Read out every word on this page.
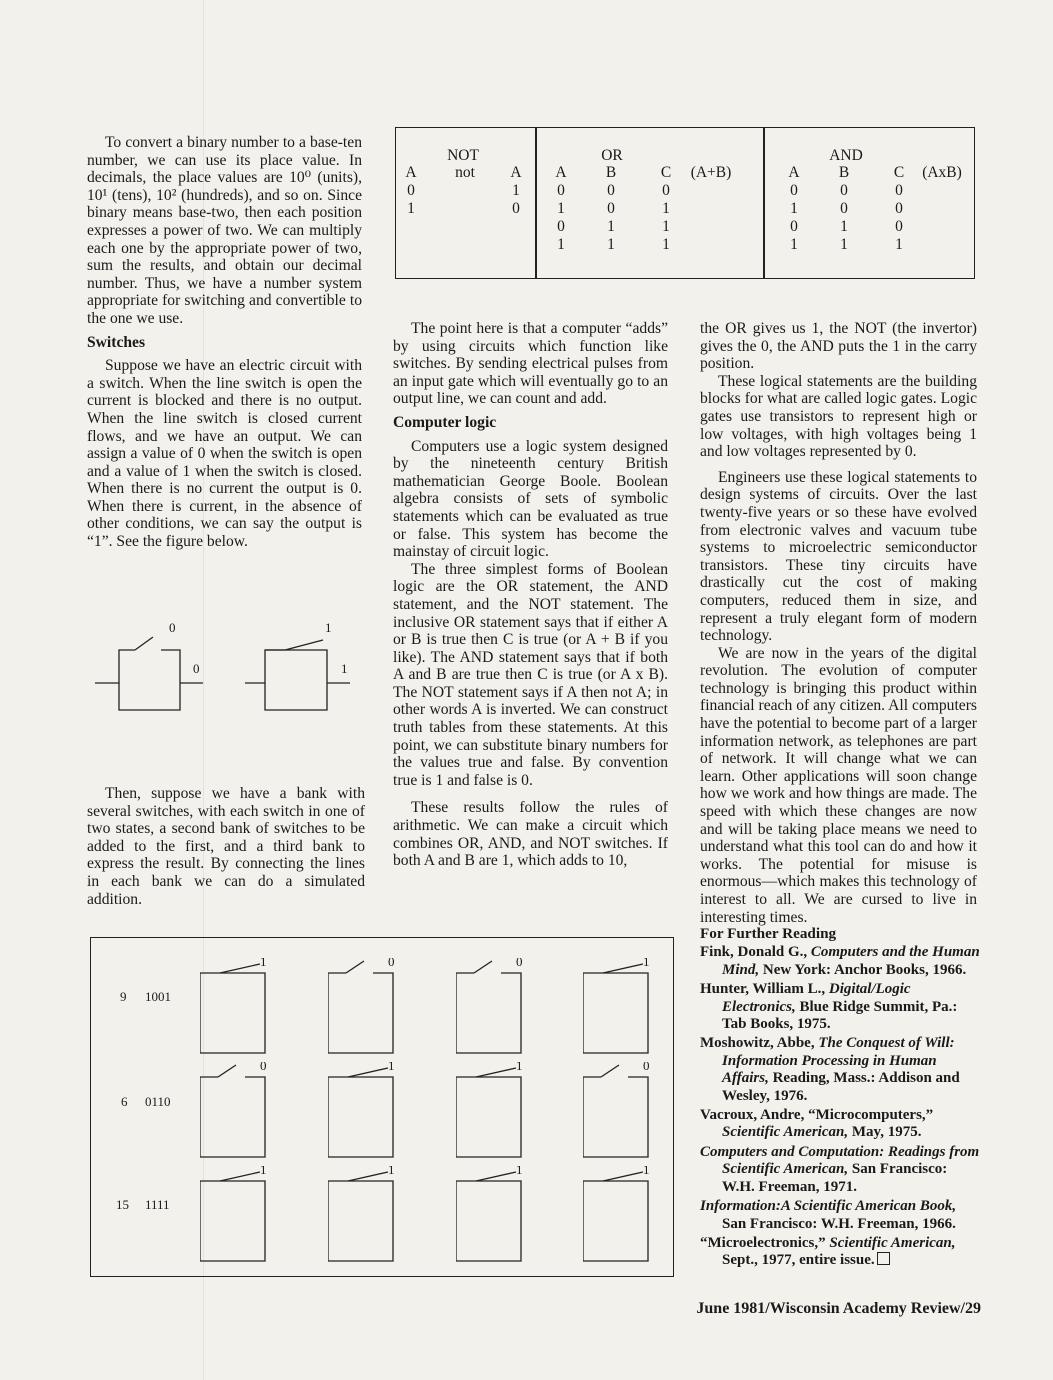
To convert a binary number to a base-ten number, we can use its place value. In decimals, the place values are 10⁰ (units), 10¹ (tens), 10² (hundreds), and so on. Since binary means base-two, then each position expresses a power of two. We can multiply each one by the appropriate power of two, sum the results, and obtain our decimal number. Thus, we have a number system appropriate for switching and convertible to the one we use.

Switches

Suppose we have an electric circuit with a switch. When the line switch is open the current is blocked and there is no output. When the line switch is closed current flows, and we have an output. We can assign a value of 0 when the switch is open and a value of 1 when the switch is closed. When there is no current the output is 0. When there is current, in the absence of other conditions, we can say the output is “1”. See the figure below.

Then, suppose we have a bank with several switches, with each switch in one of two states, a second bank of switches to be added to the first, and a third bank to express the result. By connecting the lines in each bank we can do a simulated addition.

0
0
1
1
NOT
A not A
0	1
1	0
OR
A	B	C (A+B)
0	0	0
1	0	1
0	1	1
1	1	1
AND
A	B	C (AxB)
0	0	0
1	0	0
0	1	0
1	1	1

The point here is that a computer “adds” by using circuits which function like switches. By sending electrical pulses from an input gate which will eventually go to an output line, we can count and add.

Computer logic

Computers use a logic system designed by the nineteenth century British mathematician George Boole. Boolean algebra consists of sets of symbolic statements which can be evaluated as true or false. This system has become the mainstay of circuit logic.

The three simplest forms of Boolean logic are the OR statement, the AND statement, and the NOT statement. The inclusive OR statement says that if either A or B is true then C is true (or A + B if you like). The AND statement says that if both A and B are true then C is true (or A x B). The NOT statement says if A then not A; in other words A is inverted. We can construct truth tables from these statements. At this point, we can substitute binary numbers for the values true and false. By convention true is 1 and false is 0.

These results follow the rules of arithmetic. We can make a circuit which combines OR, AND, and NOT switches. If both A and B are 1, which adds to 10,

the OR gives us 1, the NOT (the invertor) gives the 0, the AND puts the 1 in the carry position.

These logical statements are the building blocks for what are called logic gates. Logic gates use transistors to represent high or low voltages, with high voltages being 1 and low voltages represented by 0.

Engineers use these logical statements to design systems of circuits. Over the last twenty-five years or so these have evolved from electronic valves and vacuum tube systems to microelectric semiconductor transistors. These tiny circuits have drastically cut the cost of making computers, reduced them in size, and represent a truly elegant form of modern technology.

We are now in the years of the digital revolution. The evolution of computer technology is bringing this product within financial reach of any citizen. All computers have the potential to become part of a larger information network, as telephones are part of network. It will change what we can learn. Other applications will soon change how we work and how things are made. The speed with which these changes are now and will be taking place means we need to understand what this tool can do and how it works. The potential for misuse is enormous—which makes this technology of interest to all. We are cursed to live in interesting times.

9 1001
6 0110
15 1111
1	0	0	1
0	1	1	0
1	1	1	1
For Further Reading
Fink, Donald G., Computers and the Human Mind, New York: Anchor Books, 1966.
Hunter, William L., Digital/Logic Electronics, Blue Ridge Summit, Pa.: Tab Books, 1975.
Moshowitz, Abbe, The Conquest of Will: Information Processing in Human Affairs, Reading, Mass.: Addison and Wesley, 1976.
Vacroux, Andre, “Microcomputers,” Scientific American, May, 1975.
Computers and Computation: Readings from Scientific American, San Francisco: W.H. Freeman, 1971.
Information:A Scientific American Book, San Francisco: W.H. Freeman, 1966.
“Microelectronics,” Scientific American, Sept., 1977, entire issue.
June 1981/Wisconsin Academy Review/29
